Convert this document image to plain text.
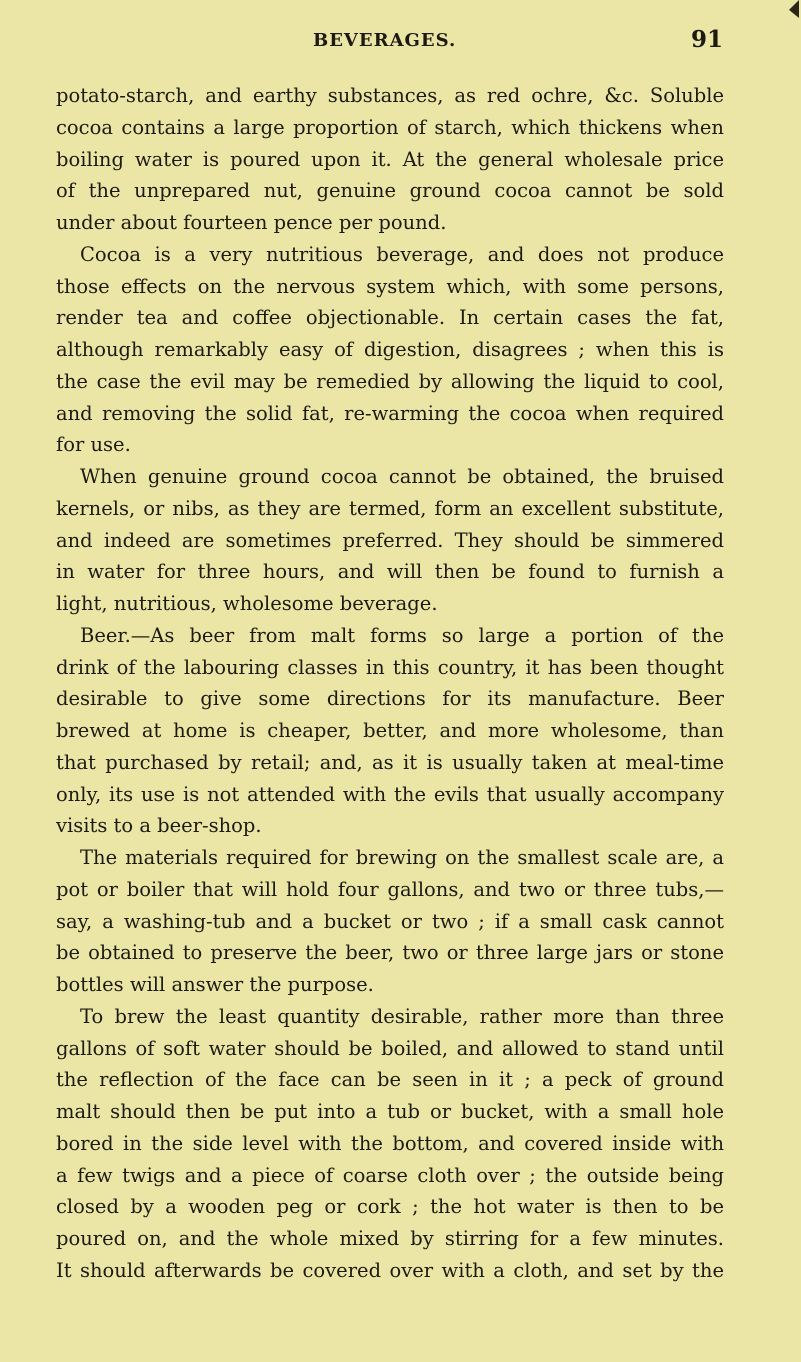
BEVERAGES.	91
potato-starch, and earthy substances, as red ochre, &c. Soluble
cocoa contains a large proportion of starch, which thickens when
boiling water is poured upon it. At the general wholesale price
of the unprepared nut, genuine ground cocoa cannot be sold
under about fourteen pence per pound.
Cocoa is a very nutritious beverage, and does not produce
those effects on the nervous system which, with some persons,
render tea and coffee objectionable. In certain cases the fat,
although remarkably easy of digestion, disagrees ; when this is
the case the evil may be remedied by allowing the liquid to cool,
and removing the solid fat, re-warming the cocoa when required
for use.
When genuine ground cocoa cannot be obtained, the bruised
kernels, or nibs, as they are termed, form an excellent substitute,
and indeed are sometimes preferred. They should be simmered
in water for three hours, and will then be found to furnish a
light, nutritious, wholesome beverage.
Beer.—As beer from malt forms so large a portion of the
drink of the labouring classes in this country, it has been thought
desirable to give some directions for its manufacture. Beer
brewed at home is cheaper, better, and more wholesome, than
that purchased by retail; and, as it is usually taken at meal-time
only, its use is not attended with the evils that usually accompany
visits to a beer-shop.
The materials required for brewing on the smallest scale are, a
pot or boiler that will hold four gallons, and two or three tubs,—
say, a washing-tub and a bucket or two ; if a small cask cannot
be obtained to preserve the beer, two or three large jars or stone
bottles will answer the purpose.
To brew the least quantity desirable, rather more than three
gallons of soft water should be boiled, and allowed to stand until
the reflection of the face can be seen in it ; a peck of ground
malt should then be put into a tub or bucket, with a small hole
bored in the side level with the bottom, and covered inside with
a few twigs and a piece of coarse cloth over ; the outside being
closed by a wooden peg or cork ; the hot water is then to be
poured on, and the whole mixed by stirring for a few minutes.
It should afterwards be covered over with a cloth, and set by the
